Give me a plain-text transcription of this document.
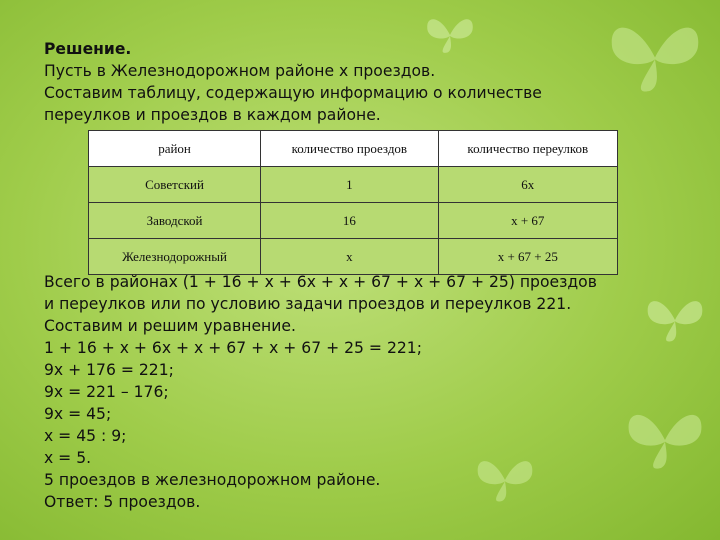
Решение.
Пусть в Железнодорожном районе х проездов.
Составим таблицу, содержащую информацию о количестве
переулков и проездов в каждом районе.
район	количество проездов	количество переулков
Советский	1	6х
Заводской	16	х + 67
Железнодорожный	х	х + 67 + 25
Всего в районах (1 + 16 + х + 6х + х + 67 + х + 67 + 25) проездов
и переулков или по условию задачи проездов и переулков 221.
Составим и решим уравнение.
1 + 16 + х + 6х + х + 67 + х + 67 + 25 = 221;
9х + 176 = 221;
9х = 221 – 176;
9х = 45;
х = 45 : 9;
х = 5.
5 проездов в железнодорожном районе.
Ответ: 5 проездов.
